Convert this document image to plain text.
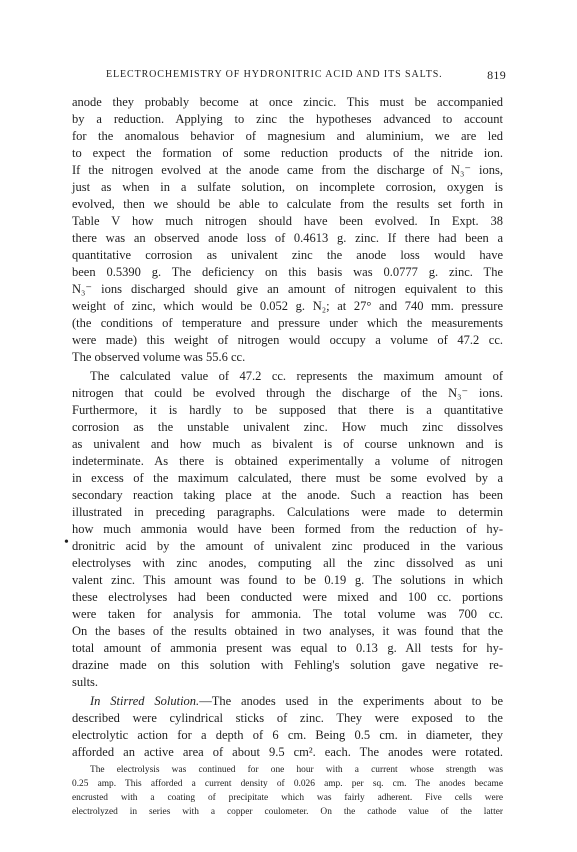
ELECTROCHEMISTRY OF HYDRONITRIC ACID AND ITS SALTS.	819
anode they probably become at once zincic. This must be accompanied
by a reduction. Applying to zinc the hypotheses advanced to account
for the anomalous behavior of magnesium and aluminium, we are led
to expect the formation of some reduction products of the nitride ion.
If the nitrogen evolved at the anode came from the discharge of N₃⁻ ions,
just as when in a sulfate solution, on incomplete corrosion, oxygen is
evolved, then we should be able to calculate from the results set forth in
Table V how much nitrogen should have been evolved. In Expt. 38
there was an observed anode loss of 0.4613 g. zinc. If there had been a
quantitative corrosion as univalent zinc the anode loss would have
been 0.5390 g. The deficiency on this basis was 0.0777 g. zinc. The
N₃⁻ ions discharged should give an amount of nitrogen equivalent to this
weight of zinc, which would be 0.052 g. N₂; at 27° and 740 mm. pressure
(the conditions of temperature and pressure under which the measurements
were made) this weight of nitrogen would occupy a volume of 47.2 cc.
The observed volume was 55.6 cc.
The calculated value of 47.2 cc. represents the maximum amount of
nitrogen that could be evolved through the discharge of the N₃⁻ ions.
Furthermore, it is hardly to be supposed that there is a quantitative
corrosion as the unstable univalent zinc. How much zinc dissolves
as univalent and how much as bivalent is of course unknown and is
indeterminate. As there is obtained experimentally a volume of nitrogen
in excess of the maximum calculated, there must be some evolved by a
secondary reaction taking place at the anode. Such a reaction has been
illustrated in preceding paragraphs. Calculations were made to determin
how much ammonia would have been formed from the reduction of hy-
• dronitric acid by the amount of univalent zinc produced in the various
electrolyses with zinc anodes, computing all the zinc dissolved as uni
valent zinc. This amount was found to be 0.19 g. The solutions in which
these electrolyses had been conducted were mixed and 100 cc. portions
were taken for analysis for ammonia. The total volume was 700 cc.
On the bases of the results obtained in two analyses, it was found that the
total amount of ammonia present was equal to 0.13 g. All tests for hy-
drazine made on this solution with Fehling's solution gave negative re-
sults.
In Stirred Solution.—The anodes used in the experiments about to be
described were cylindrical sticks of zinc. They were exposed to the
electrolytic action for a depth of 6 cm. Being 0.5 cm. in diameter, they
afforded an active area of about 9.5 cm². each. The anodes were rotated.
The electrolysis was continued for one hour with a current whose strength was
0.25 amp. This afforded a current density of 0.026 amp. per sq. cm. The anodes became
encrusted with a coating of precipitate which was fairly adherent. Five cells were
electrolyzed in series with a copper coulometer. On the cathode value of the latter
